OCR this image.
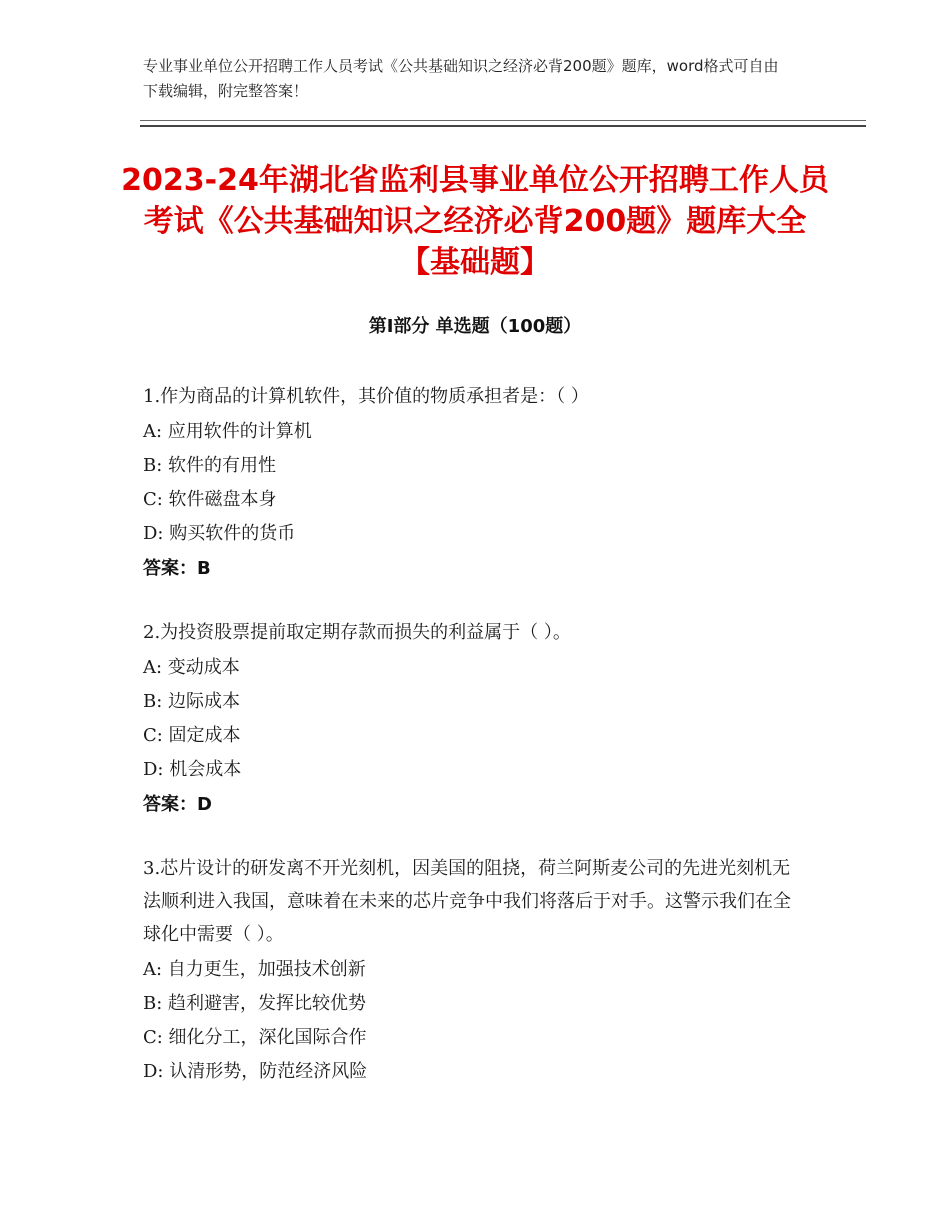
专业事业单位公开招聘工作人员考试《公共基础知识之经济必背200题》题库，word格式可自由下载编辑，附完整答案！
2023-24年湖北省监利县事业单位公开招聘工作人员考试《公共基础知识之经济必背200题》题库大全【基础题】
第Ⅰ部分 单选题（100题）
1.作为商品的计算机软件，其价值的物质承担者是：（ ）
A: 应用软件的计算机
B: 软件的有用性
C: 软件磁盘本身
D: 购买软件的货币
答案：B
2.为投资股票提前取定期存款而损失的利益属于（ ）。
A: 变动成本
B: 边际成本
C: 固定成本
D: 机会成本
答案：D
3.芯片设计的研发离不开光刻机，因美国的阻挠，荷兰阿斯麦公司的先进光刻机无法顺利进入我国，意味着在未来的芯片竞争中我们将落后于对手。这警示我们在全球化中需要（ ）。
A: 自力更生，加强技术创新
B: 趋利避害，发挥比较优势
C: 细化分工，深化国际合作
D: 认清形势，防范经济风险
